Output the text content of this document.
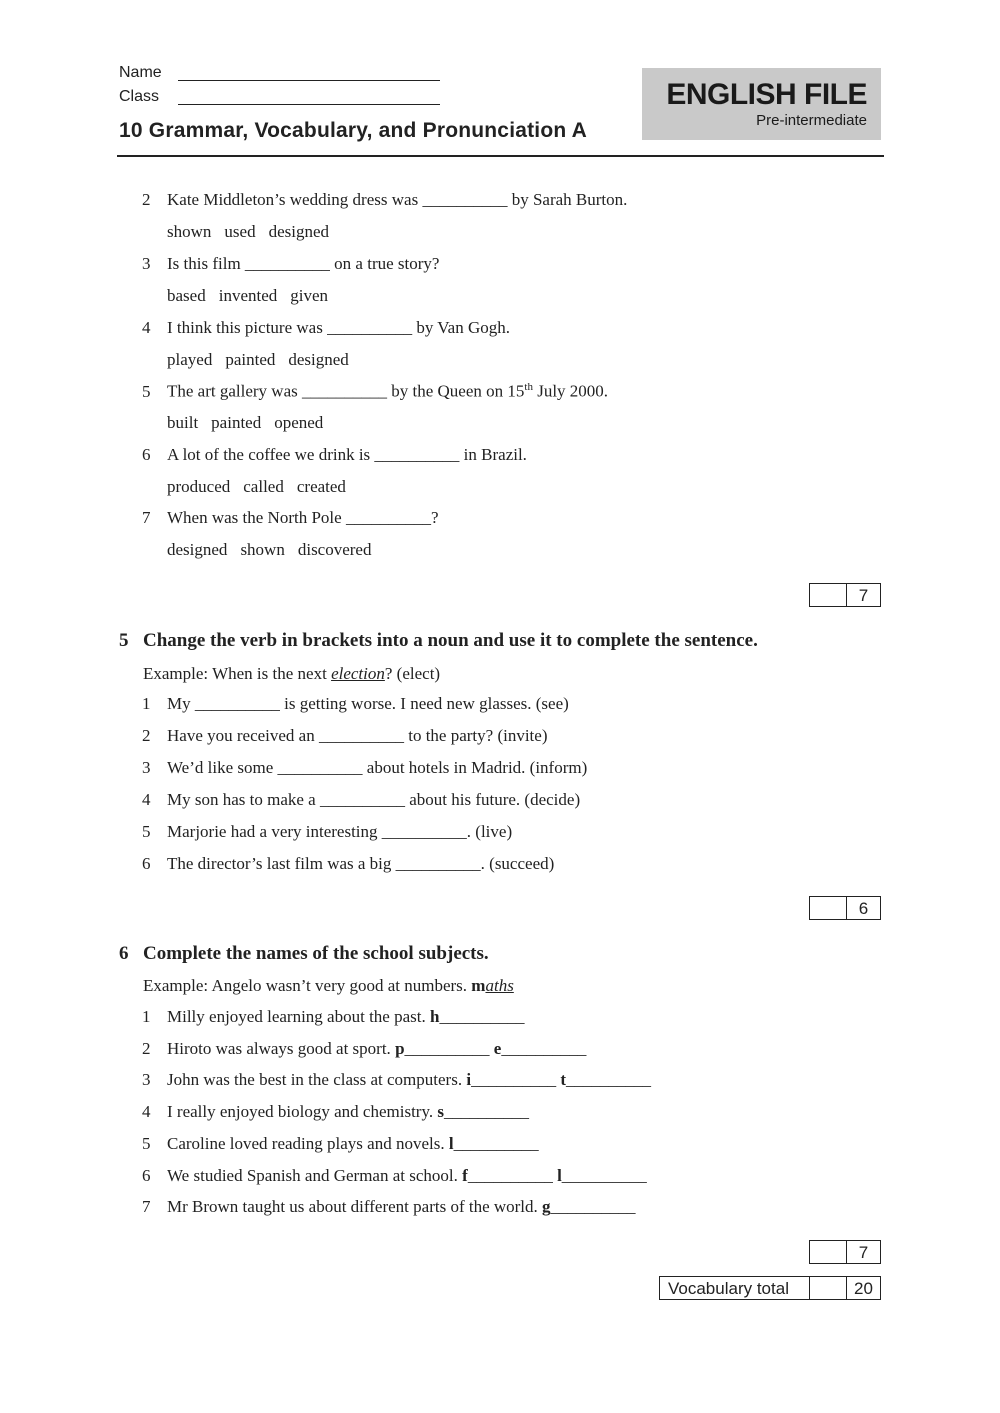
Name
Class
10 Grammar, Vocabulary, and Pronunciation A
ENGLISH FILE
Pre-intermediate
2 Kate Middleton’s wedding dress was __________ by Sarah Burton.
shown used designed
3 Is this film __________ on a true story?
based invented given
4 I think this picture was __________ by Van Gogh.
played painted designed
5 The art gallery was __________ by the Queen on 15th July 2000.
built painted opened
6 A lot of the coffee we drink is __________ in Brazil.
produced called created
7 When was the North Pole __________?
designed shown discovered
7
5 Change the verb in brackets into a noun and use it to complete the sentence.
Example: When is the next election? (elect)
1 My __________ is getting worse. I need new glasses. (see)
2 Have you received an __________ to the party? (invite)
3 We’d like some __________ about hotels in Madrid. (inform)
4 My son has to make a __________ about his future. (decide)
5 Marjorie had a very interesting __________. (live)
6 The director’s last film was a big __________. (succeed)
6
6 Complete the names of the school subjects.
Example: Angelo wasn’t very good at numbers. maths
1 Milly enjoyed learning about the past. h__________
2 Hiroto was always good at sport. p__________ e__________
3 John was the best in the class at computers. i__________ t__________
4 I really enjoyed biology and chemistry. s__________
5 Caroline loved reading plays and novels. l__________
6 We studied Spanish and German at school. f__________ l__________
7 Mr Brown taught us about different parts of the world. g__________
7
Vocabulary total	20
